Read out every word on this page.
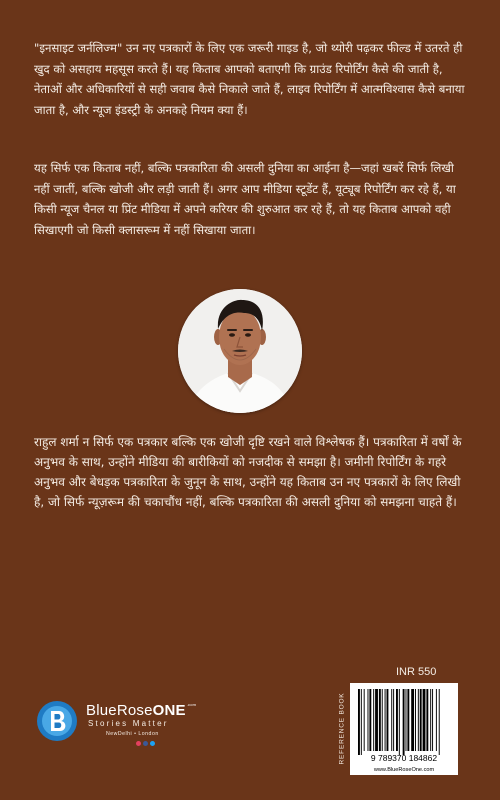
"इनसाइट जर्नलिज्म" उन नए पत्रकारों के लिए एक जरूरी गाइड है, जो थ्योरी पढ़कर फील्ड में उतरते ही खुद को असहाय महसूस करते हैं। यह किताब आपको बताएगी कि ग्राउंड रिपोर्टिंग कैसे की जाती है, नेताओं और अधिकारियों से सही जवाब कैसे निकाले जाते हैं, लाइव रिपोर्टिंग में आत्मविश्वास कैसे बनाया जाता है, और न्यूज इंडस्ट्री के अनकहे नियम क्या हैं।

यह सिर्फ एक किताब नहीं, बल्कि पत्रकारिता की असली दुनिया का आईना है—जहां खबरें सिर्फ लिखी नहीं जातीं, बल्कि खोजी और लड़ी जाती हैं। अगर आप मीडिया स्टूडेंट हैं, यूट्यूब रिपोर्टिंग कर रहे हैं, या किसी न्यूज चैनल या प्रिंट मीडिया में अपने करियर की शुरुआत कर रहे हैं, तो यह किताब आपको वही सिखाएगी जो किसी क्लासरूम में नहीं सिखाया जाता।

राहुल शर्मा न सिर्फ एक पत्रकार बल्कि एक खोजी दृष्टि रखने वाले विश्लेषक हैं। पत्रकारिता में वर्षों के अनुभव के साथ, उन्होंने मीडिया की बारीकियों को नजदीक से समझा है। जमीनी रिपोर्टिंग के गहरे अनुभव और बेधड़क पत्रकारिता के जुनून के साथ, उन्होंने यह किताब उन नए पत्रकारों के लिए लिखी है, जो सिर्फ न्यूज़रूम की चकाचौंध नहीं, बल्कि पत्रकारिता की असली दुनिया को समझना चाहते हैं।

INR 550
REFERENCE BOOK	9 789370 184862
www.BlueRoseOne.com
BlueRoseONE$^{.com}$
Stories Matter
NewDelhi • London
